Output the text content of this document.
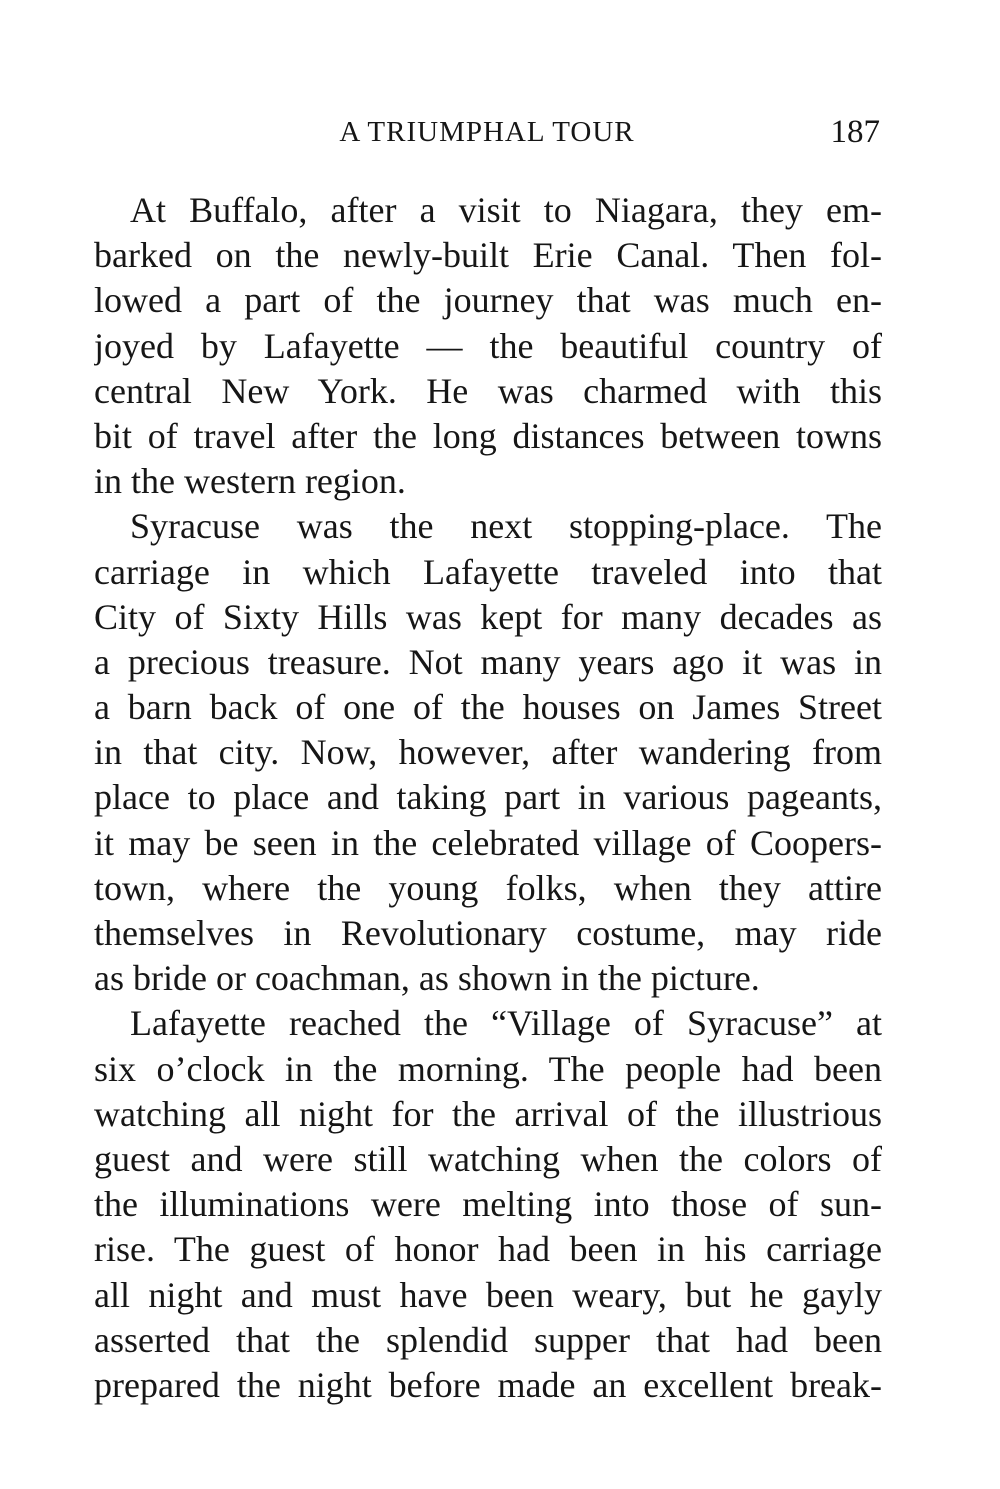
A TRIUMPHAL TOUR	187
At Buffalo, after a visit to Niagara, they em-
barked on the newly-built Erie Canal. Then fol-
lowed a part of the journey that was much en-
joyed by Lafayette — the beautiful country of
central New York. He was charmed with this
bit of travel after the long distances between towns
in the western region.
Syracuse was the next stopping-place. The
carriage in which Lafayette traveled into that
City of Sixty Hills was kept for many decades as
a precious treasure. Not many years ago it was in
a barn back of one of the houses on James Street
in that city. Now, however, after wandering from
place to place and taking part in various pageants,
it may be seen in the celebrated village of Coopers-
town, where the young folks, when they attire
themselves in Revolutionary costume, may ride
as bride or coachman, as shown in the picture.
Lafayette reached the “Village of Syracuse” at
six o’clock in the morning. The people had been
watching all night for the arrival of the illustrious
guest and were still watching when the colors of
the illuminations were melting into those of sun-
rise. The guest of honor had been in his carriage
all night and must have been weary, but he gayly
asserted that the splendid supper that had been
prepared the night before made an excellent break-
